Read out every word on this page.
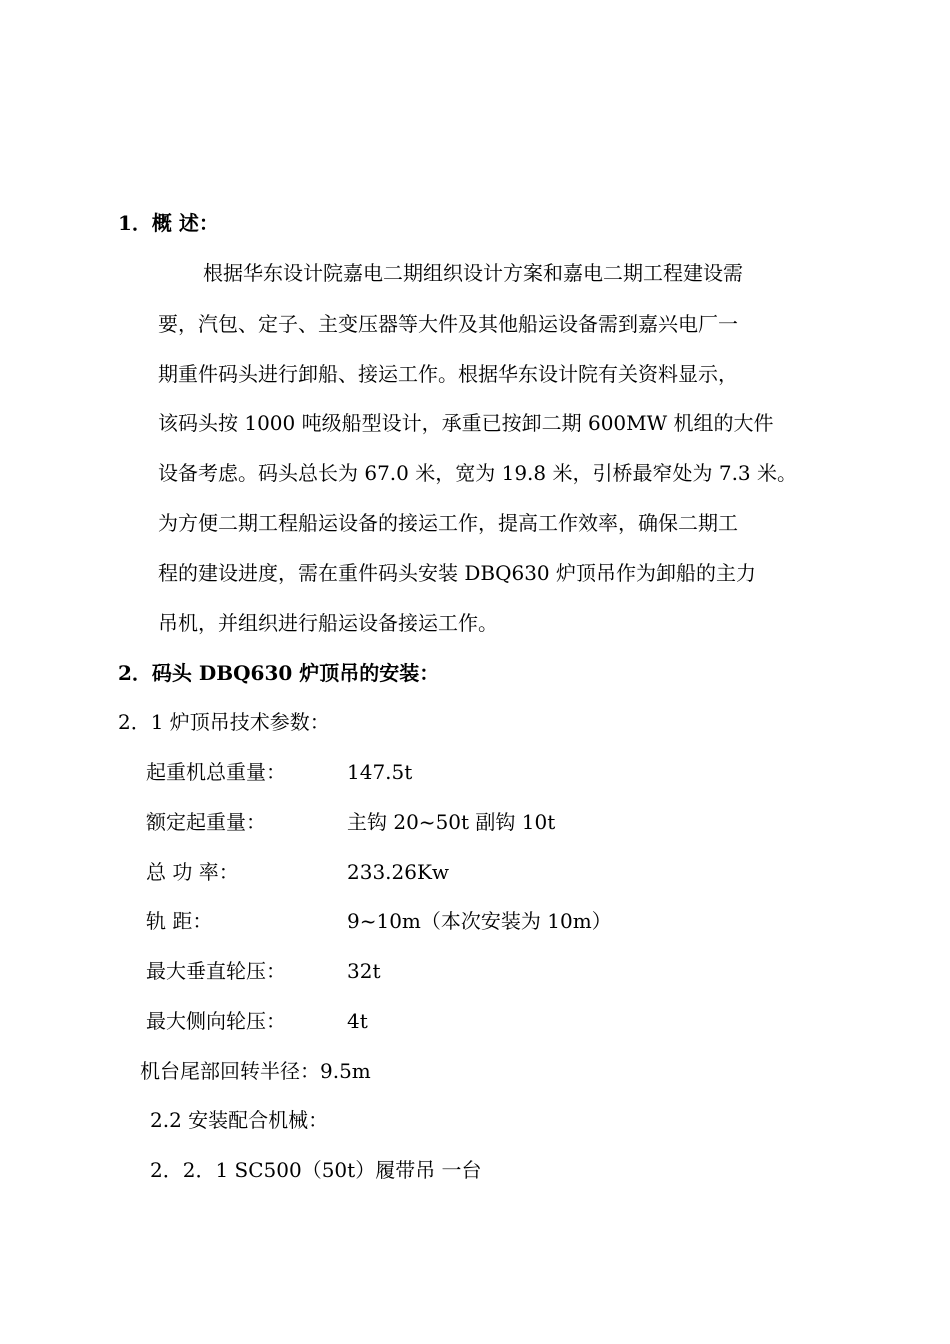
1．概 述：
根据华东设计院嘉电二期组织设计方案和嘉电二期工程建设需
要，汽包、定子、主变压器等大件及其他船运设备需到嘉兴电厂一
期重件码头进行卸船、接运工作。根据华东设计院有关资料显示，
该码头按 1000 吨级船型设计，承重已按卸二期 600MW 机组的大件
设备考虑。码头总长为 67.0 米，宽为 19.8 米，引桥最窄处为 7.3 米。
为方便二期工程船运设备的接运工作，提高工作效率，确保二期工
程的建设进度，需在重件码头安装 DBQ630 炉顶吊作为卸船的主力
吊机，并组织进行船运设备接运工作。
2．码头 DBQ630 炉顶吊的安装：
2．1 炉顶吊技术参数：
起重机总重量：	147.5t
额定起重量：	主钩 20~50t 副钩 10t
总 功 率：	233.26Kw
轨 距：	9~10m（本次安装为 10m）
最大垂直轮压：	32t
最大侧向轮压：	4t
机台尾部回转半径：9.5m
2.2 安装配合机械：
2．2．1 SC500（50t）履带吊 一台
